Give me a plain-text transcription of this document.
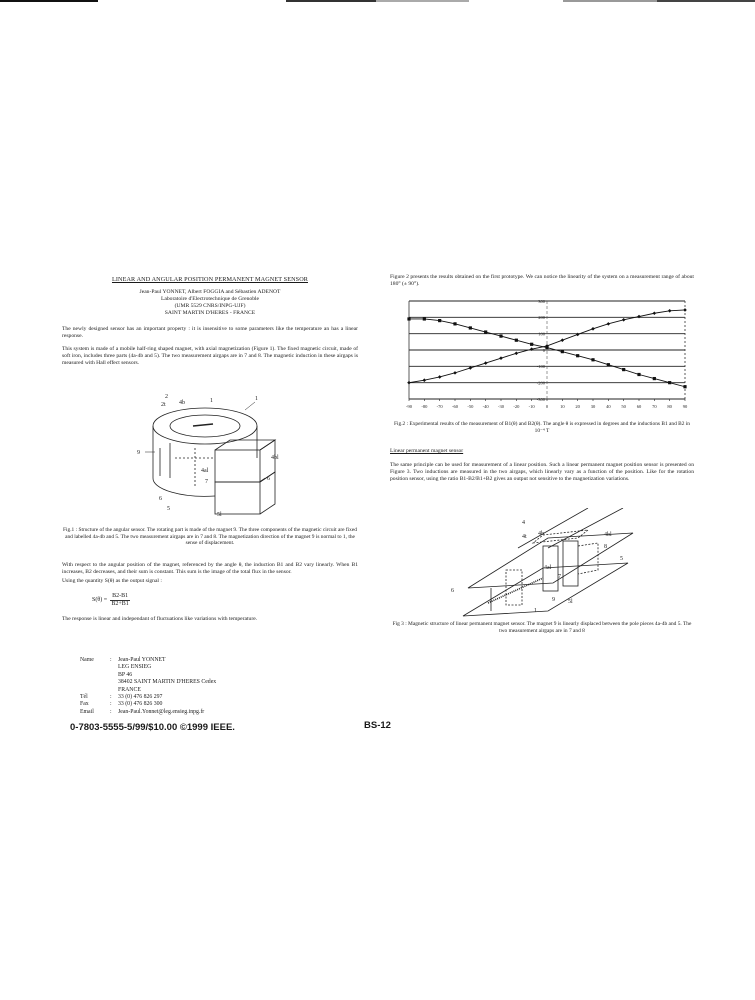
LINEAR AND ANGULAR POSITION PERMANENT MAGNET SENSOR
Jean-Paul YONNET, Albert FOGGIA and Sébastien ADENOT
Laboratoire d'Electrotechnique de Grenoble
(UMR 5529 CNRS/INPG-UJF)
SAINT MARTIN D'HERES - FRANCE

The newly designed sensor has an important property : it is insensitive to some parameters like the temperature an has a linear response.

This system is made of a mobile half-ring shaped magnet, with axial magnetization (Figure 1). The fixed magnetic circuit, made of soft iron, includes three parts (4a-4b and 5). The two measurement airgaps are in 7 and 8. The magnetic induction in these airgaps is measured with Hall effect sensors.

2
2t 4b	1	1
9
4bl
4al
7	6
6
5
5l
Fig.1 : Structure of the angular sensor. The rotating part is made of the magnet 9. The three components of the magnetic circuit are fixed and labelled 4a-4b and 5. The two measurement airgaps are in 7 and 8. The magnetization direction of the magnet 9 is normal to 1, the sense of displacement.

With respect to the angular position of the magnet, referenced by the angle θ, the induction B1 and B2 vary linearly. When B1 increases, B2 decreases, and their sum is constant. This sum is the image of the total flux in the sensor.

Using the quantity S(θ) as the output signal :

$S(\theta) = \frac{B2-B1}{B2+B1}$

The response is linear and independant of fluctuations like variations with temperature.

Name	:	Jean-Paul YONNET
LEG ENSIEG
BP 46
38402 SAINT MARTIN D'HERES Cedex
FRANCE
Tél	:	33 (0) 476 826 297
Fax	:	33 (0) 476 826 300
Email	:	Jean-Paul.Yonnet@leg.ensieg.inpg.fr

Figure 2 presents the results obtained on the first prototype. We can notice the linearity of the system on a measurement range of about 180° (± 90°).

-300
-200
-100
0
100
200
300
-90 -80 -70 -60 -50 -40 -30 -20 -10 0	10 20 30 40 50 60 70 80 90
Fig.2 : Experimental results of the measurement of B1(θ) and B2(θ). The angle θ is expressed in degrees and the inductions B1 and B2 in 10⁻⁴ T
Linear permanent magnet sensor

The same principle can be used for measurement of a linear position. Such a linear permanent magnet position sensor is presented on Figure 3. Two inductions are measured in the two airgaps, which linearly vary as a function of the position. Like for the rotation position sensor, using the ratio B1-B2/B1+B2 gives an output not sensitive to the magnetization variations.

4
4b	4bl
4t
8
5
4al
7
6
9 5l
1
Fig 3 : Magnetic structure of linear permanent magnet sensor. The magnet 9 is linearly displaced between the pole pieces 4a-4b and 5. The two measurement airgaps are in 7 and 8
0-7803-5555-5/99/$10.00 ©1999 IEEE.	BS-12
